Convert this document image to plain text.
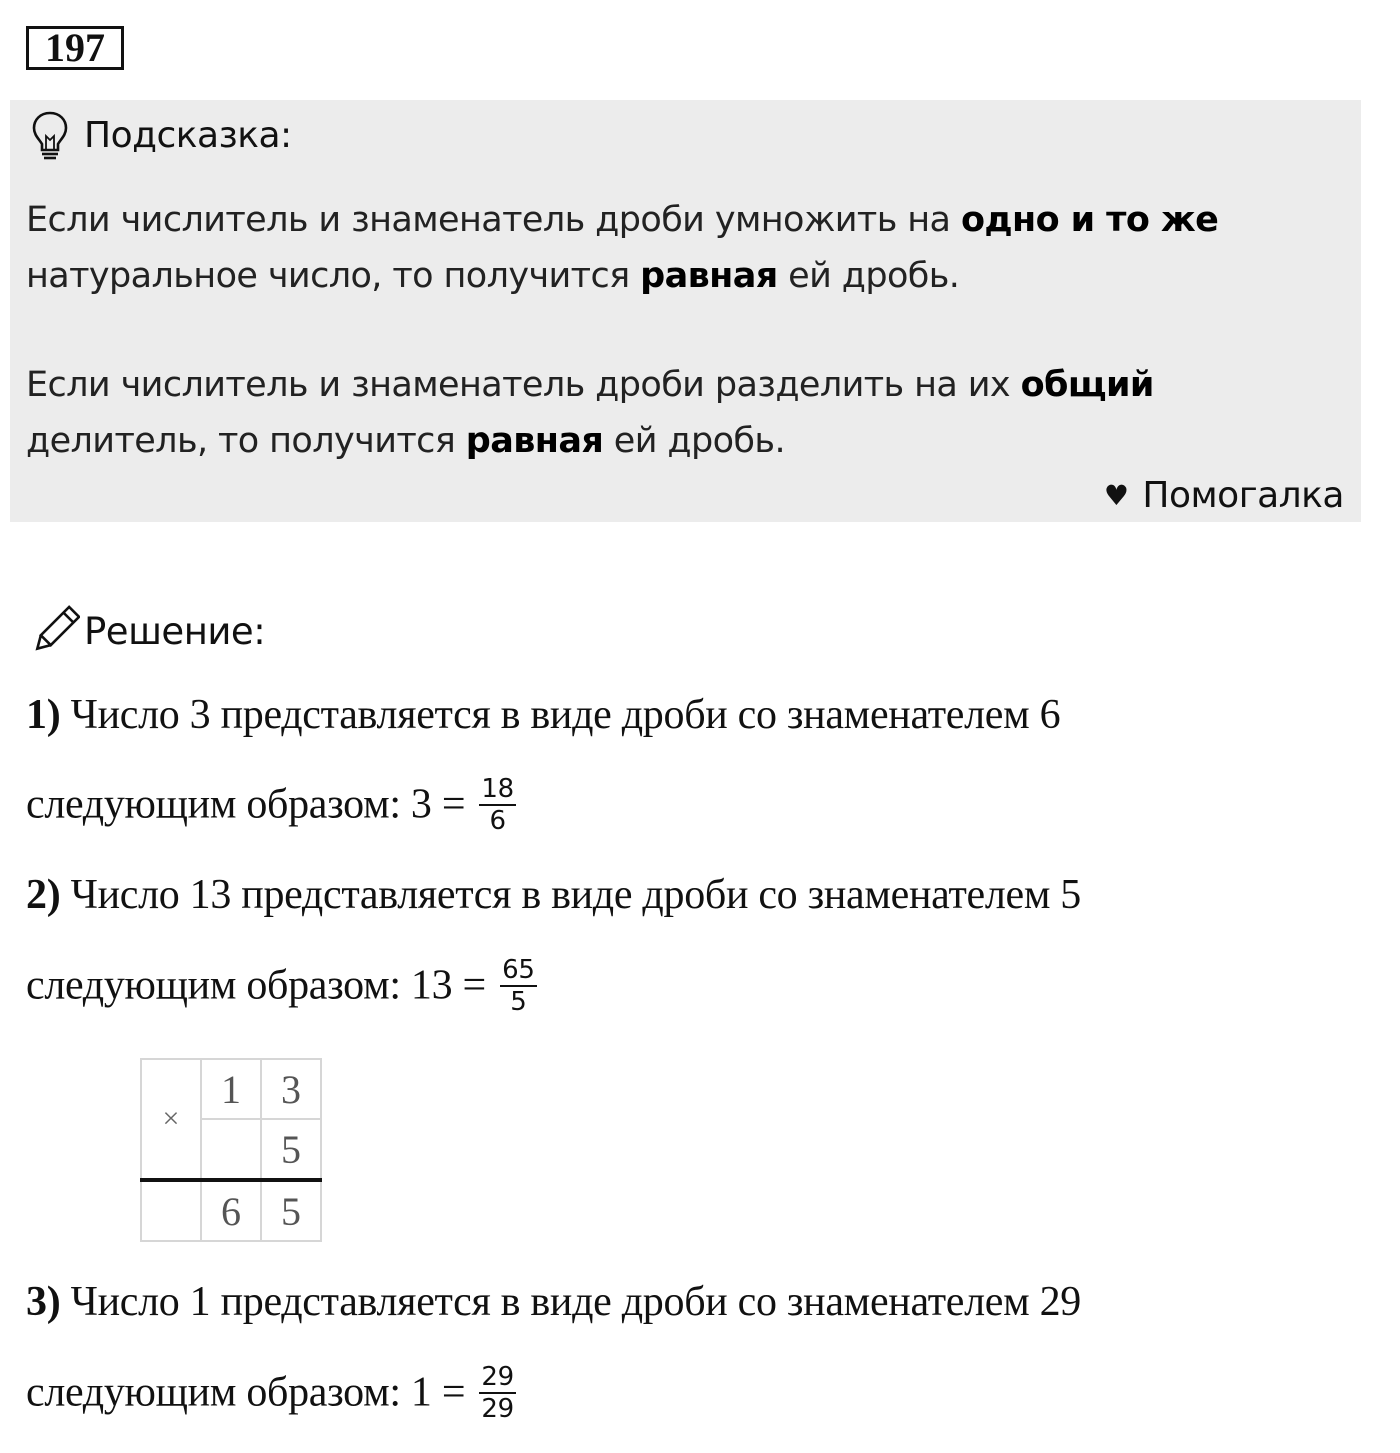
197
Подсказка:
Если числитель и знаменатель дроби умножить на одно и то же натуральное число, то получится равная ей дробь.
Если числитель и знаменатель дроби разделить на их общий делитель, то получится равная ей дробь.
♥ Помогалка
Решение:
1) Число 3 представляется в виде дроби со знаменателем 6
следующим образом: $3 = \frac{18}{6}$
2) Число 13 представляется в виде дроби со знаменателем 5
следующим образом: $13 = \frac{65}{5}$
×	1	3
		5
	6	5
3) Число 1 представляется в виде дроби со знаменателем 29
следующим образом: $1 = \frac{29}{29}$
